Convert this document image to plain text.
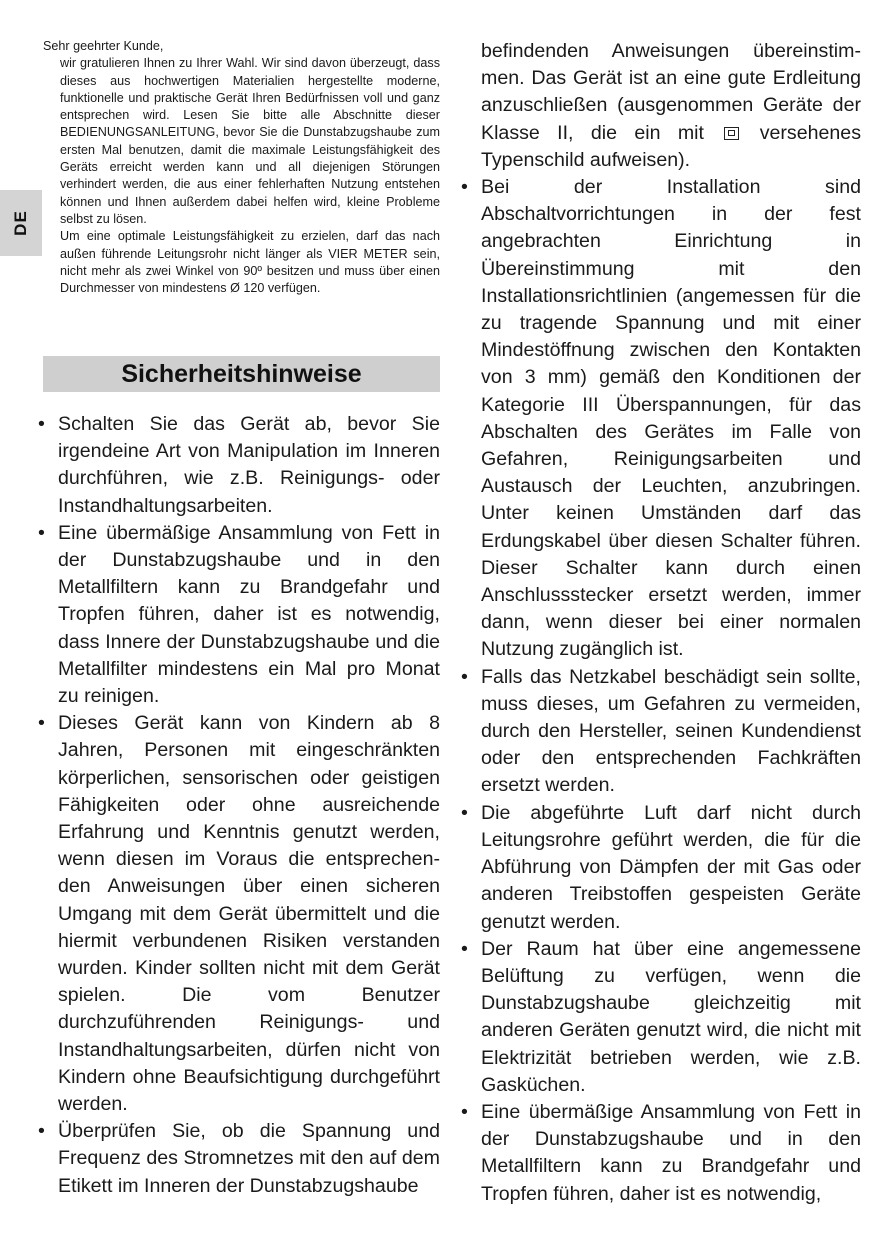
DE

Sehr geehrter Kunde,

wir gratulieren Ihnen zu Ihrer Wahl. Wir sind davon überzeugt, dass dieses aus hochwertigen Materialien hergestellte moderne, funktionelle und praktische Gerät Ihren Bedürfnissen voll und ganz entsprechen wird. Lesen Sie bitte alle Abschnitte dieser BEDIENUNGSANLEITUNG, bevor Sie die Dunstabzugshaube zum ersten Mal benutzen, damit die maximale Leistungsfähigkeit des Geräts erreicht werden kann und all diejenigen Störungen verhindert werden, die aus einer fehlerhaften Nutzung entstehen können und Ihnen außerdem dabei helfen wird, kleine Probleme selbst zu lösen.

Um eine optimale Leistungsfähigkeit zu erzielen, darf das nach außen führende Leitungsrohr nicht länger als VIER METER sein, nicht mehr als zwei Winkel von 90º besitzen und muss über einen Durchmesser von mindestens Ø 120 verfügen.

Sicherheitshinweise
• Schalten Sie das Gerät ab, bevor Sie irgendeine Art von Manipulation im Inneren durchführen, wie z.B. Reinigungs- oder Instandhaltungsarbeiten.
• Eine übermäßige Ansammlung von Fett in der Dunstabzugshaube und in den Metallfiltern kann zu Brandgefahr und Tropfen führen, daher ist es notwendig, dass Innere der Dunstabzugshaube und die Metallfilter mindestens ein Mal pro Monat zu reinigen.
• Dieses Gerät kann von Kindern ab 8 Jahren, Personen mit eingeschränkten körperlichen, sensorischen oder geistigen Fähigkeiten oder ohne ausreichende Erfahrung und Kenntnis genutzt werden, wenn diesen im Voraus die entsprechen-den Anweisungen über einen sicheren Umgang mit dem Gerät übermittelt und die hiermit verbundenen Risiken verstanden wurden. Kinder sollten nicht mit dem Gerät spielen. Die vom Benutzer durchzuführenden Reinigungs- und Instandhaltungsarbeiten, dürfen nicht von Kindern ohne Beaufsichtigung durchgeführt werden.
• Überprüfen Sie, ob die Spannung und Frequenz des Stromnetzes mit den auf dem Etikett im Inneren der Dunstabzugshaube

befindenden Anweisungen übereinstim-men. Das Gerät ist an eine gute Erdleitung anzuschließen (ausgenommen Geräte der Klasse II, die ein mit	versehenes Typenschild aufweisen).

• Bei der Installation sind Abschaltvorrichtungen in der fest angebrachten Einrichtung in Übereinstimmung mit den Installationsrichtlinien (angemessen für die zu tragende Spannung und mit einer Mindestöffnung zwischen den Kontakten von 3 mm) gemäß den Konditionen der Kategorie III Überspannungen, für das Abschalten des Gerätes im Falle von Gefahren, Reinigungsarbeiten und Austausch der Leuchten, anzubringen. Unter keinen Umständen darf das Erdungskabel über diesen Schalter führen. Dieser Schalter kann durch einen Anschlussstecker ersetzt werden, immer dann, wenn dieser bei einer normalen Nutzung zugänglich ist.
• Falls das Netzkabel beschädigt sein sollte, muss dieses, um Gefahren zu vermeiden, durch den Hersteller, seinen Kundendienst oder den entsprechenden Fachkräften ersetzt werden.
• Die abgeführte Luft darf nicht durch Leitungsrohre geführt werden, die für die Abführung von Dämpfen der mit Gas oder anderen Treibstoffen gespeisten Geräte genutzt werden.
• Der Raum hat über eine angemessene Belüftung zu verfügen, wenn die Dunstabzugshaube gleichzeitig mit anderen Geräten genutzt wird, die nicht mit Elektrizität betrieben werden, wie z.B. Gasküchen.
• Eine übermäßige Ansammlung von Fett in der Dunstabzugshaube und in den Metallfiltern kann zu Brandgefahr und Tropfen führen, daher ist es notwendig,
